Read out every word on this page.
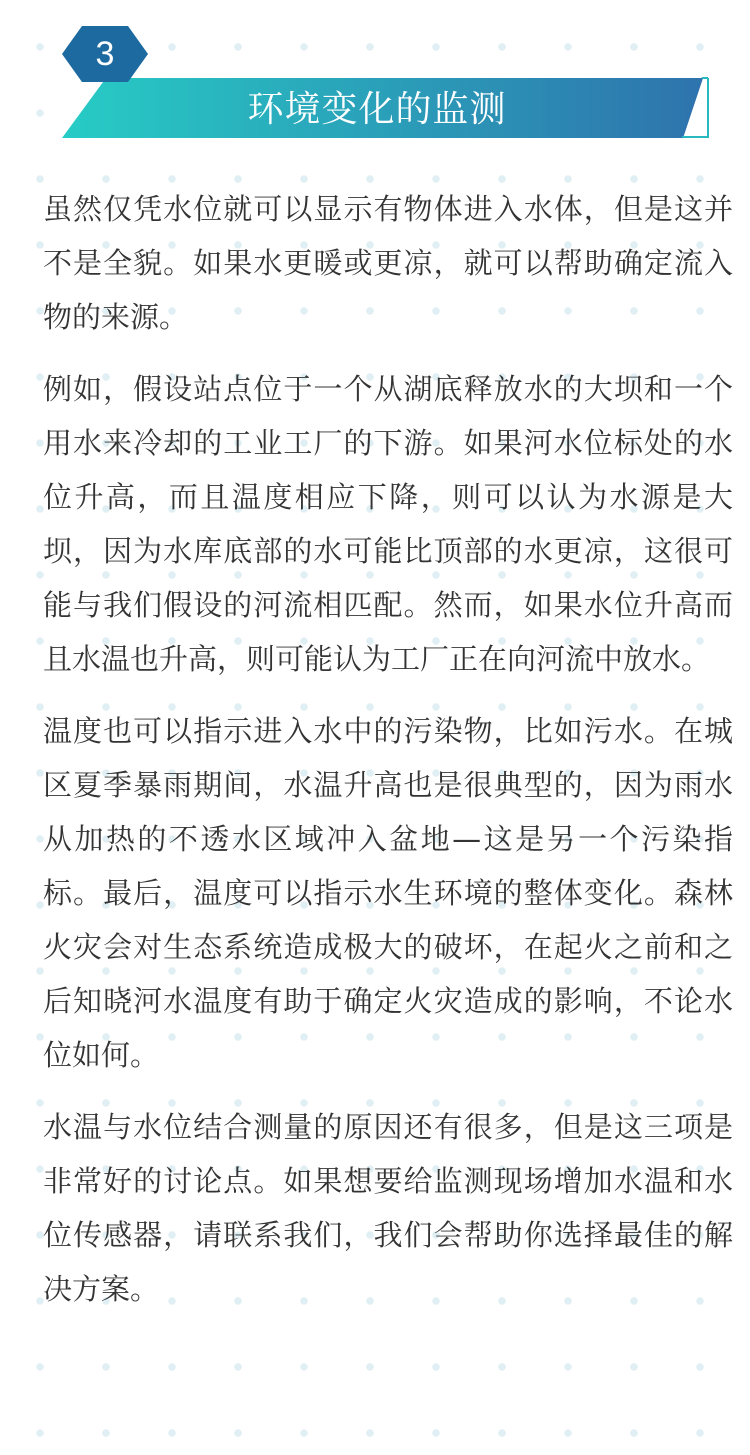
3
环境变化的监测

虽然仅凭水位就可以显示有物体进入水体，但是这并不是全貌。如果水更暖或更凉，就可以帮助确定流入物的来源。

例如，假设站点位于一个从湖底释放水的大坝和一个用水来冷却的工业工厂的下游。如果河水位标处的水位升高，而且温度相应下降，则可以认为水源是大坝，因为水库底部的水可能比顶部的水更凉，这很可能与我们假设的河流相匹配。然而，如果水位升高而且水温也升高，则可能认为工厂正在向河流中放水。

温度也可以指示进入水中的污染物，比如污水。在城区夏季暴雨期间，水温升高也是很典型的，因为雨水从加热的不透水区域冲入盆地—这是另一个污染指标。最后，温度可以指示水生环境的整体变化。森林火灾会对生态系统造成极大的破坏，在起火之前和之后知晓河水温度有助于确定火灾造成的影响，不论水位如何。

水温与水位结合测量的原因还有很多，但是这三项是非常好的讨论点。如果想要给监测现场增加水温和水位传感器，请联系我们，我们会帮助你选择最佳的解决方案。
